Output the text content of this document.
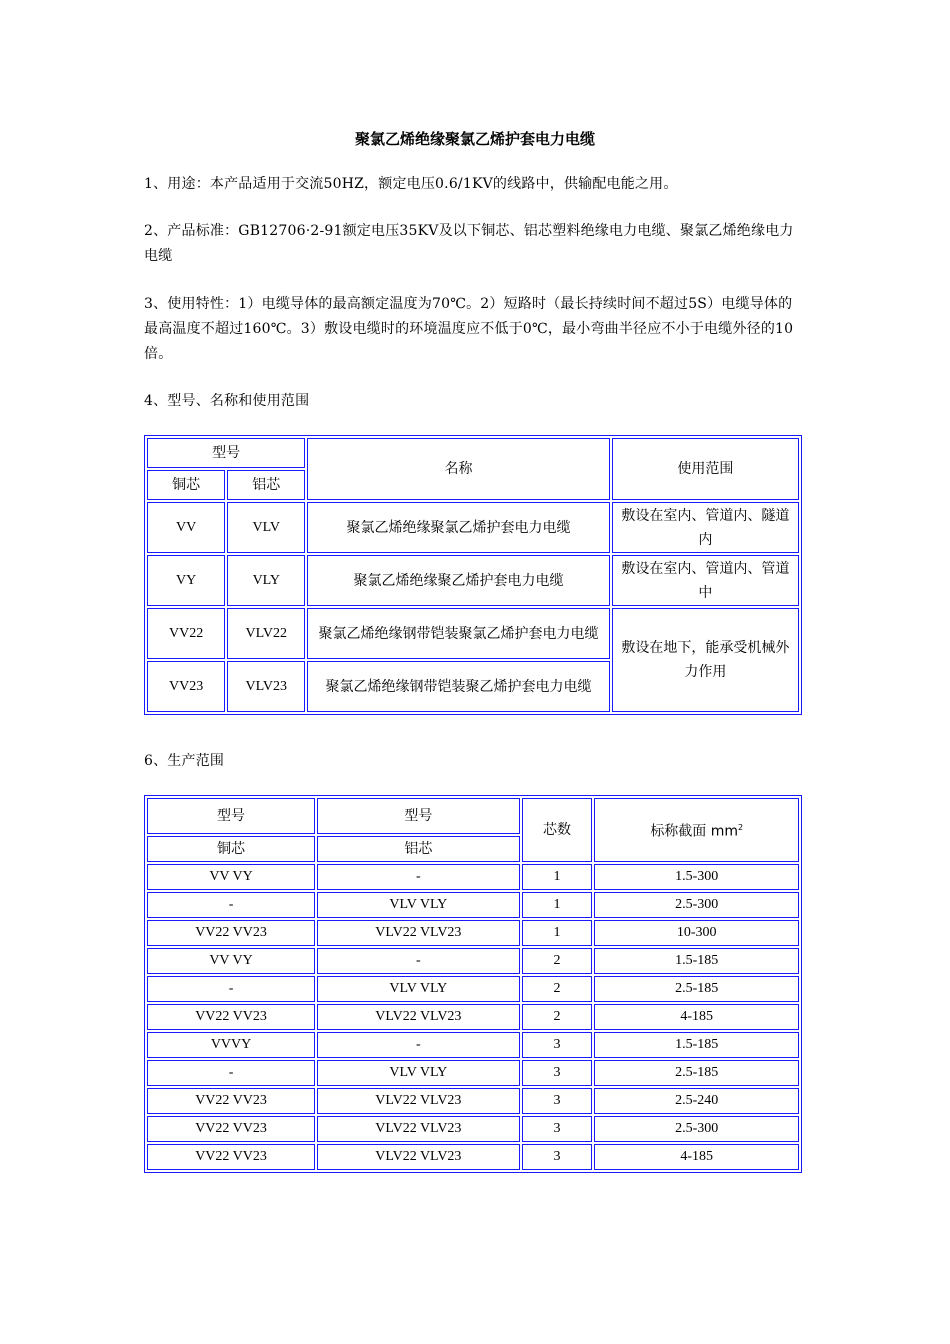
聚氯乙烯绝缘聚氯乙烯护套电力电缆
1、用途：本产品适用于交流50HZ，额定电压0.6/1KV的线路中，供输配电能之用。
2、产品标准：GB12706·2-91额定电压35KV及以下铜芯、铝芯塑料绝缘电力电缆、聚氯乙烯绝缘电力电缆
3、使用特性：1）电缆导体的最高额定温度为70℃。2）短路时（最长持续时间不超过5S）电缆导体的最高温度不超过160℃。3）敷设电缆时的环境温度应不低于0℃，最小弯曲半径应不小于电缆外径的10倍。
4、型号、名称和使用范围
型号		名称	使用范围
铜芯	铝芯		
VV	VLV	聚氯乙烯绝缘聚氯乙烯护套电力电缆	敷设在室内、管道内、隧道内
VY	VLY	聚氯乙烯绝缘聚乙烯护套电力电缆	敷设在室内、管道内、管道中
VV22	VLV22	聚氯乙烯绝缘钢带铠装聚氯乙烯护套电力电缆	敷设在地下，能承受机械外力作用
VV23	VLV23	聚氯乙烯绝缘钢带铠装聚乙烯护套电力电缆	
6、生产范围
型号	型号	芯数	标称截面 $mm^2$
铜芯	铝芯		
VV VY	-	1	1.5-300
-	VLV VLY	1	2.5-300
VV22 VV23	VLV22 VLV23	1	10-300
VV VY	-	2	1.5-185
-	VLV VLY	2	2.5-185
VV22 VV23	VLV22 VLV23	2	4-185
VVVY	-	3	1.5-185
-	VLV VLY	3	2.5-185
VV22 VV23	VLV22 VLV23	3	2.5-240
VV22 VV23	VLV22 VLV23	3	2.5-300
VV22 VV23	VLV22 VLV23	3	4-185
